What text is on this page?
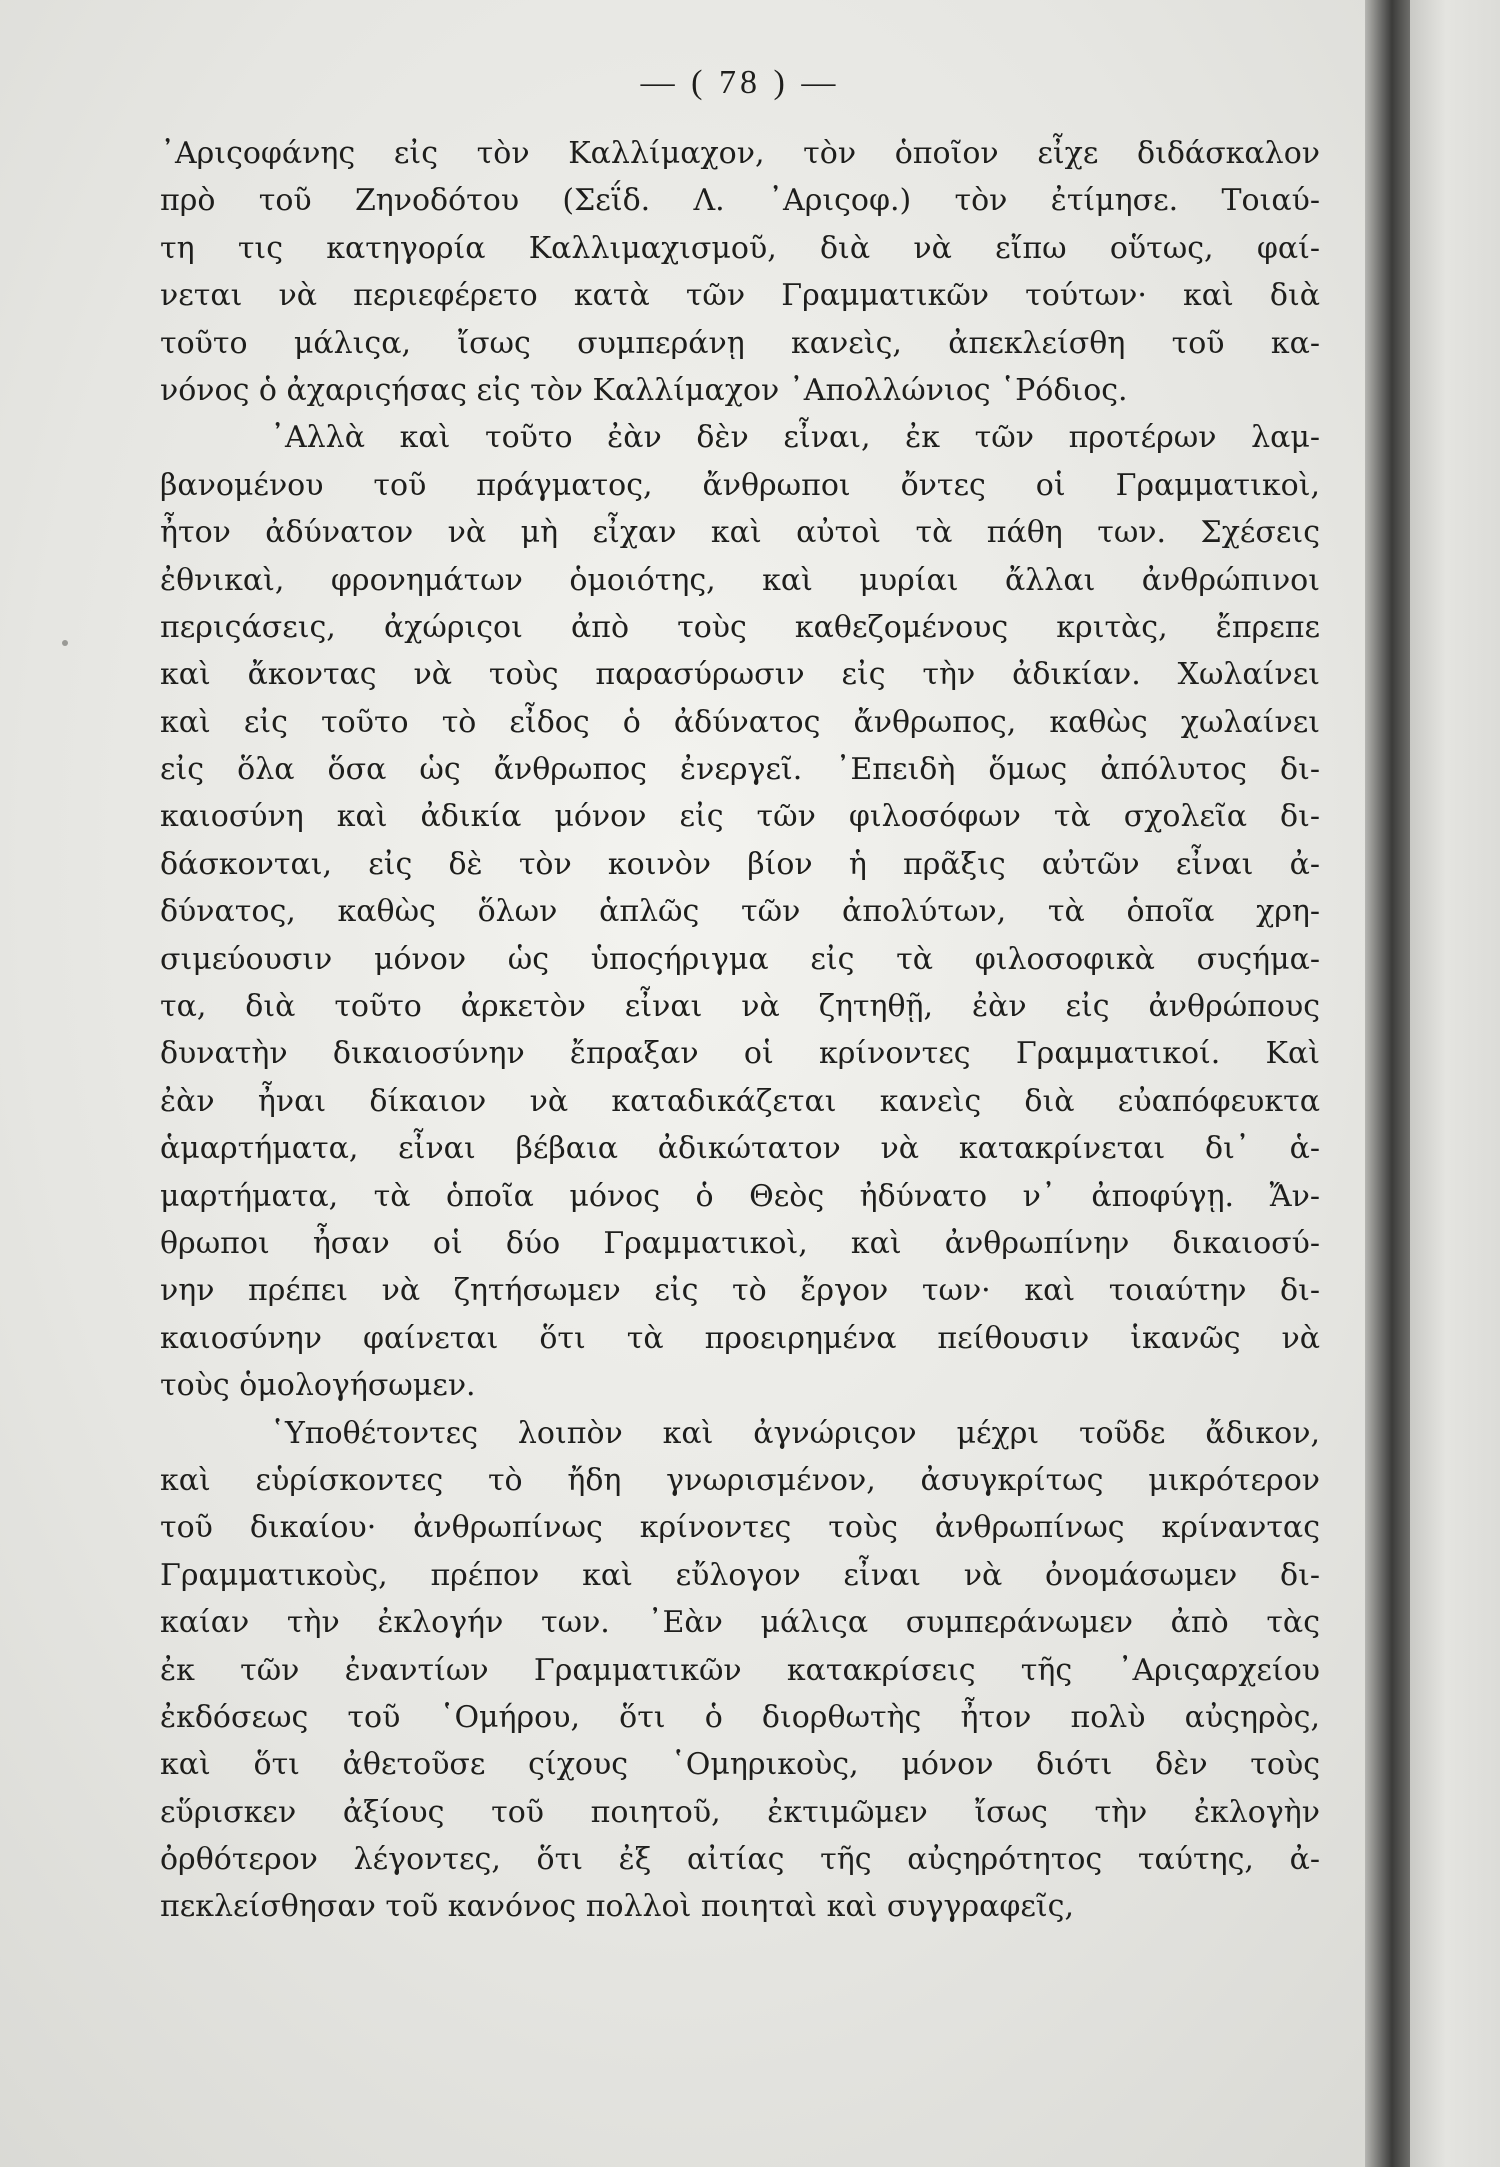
— ( 78 ) —
᾿Αριςοφάνης εἰς τὸν Καλλίμαχον, τὸν ὁποῖον εἶχε διδάσκαλον
πρὸ τοῦ Ζηνοδότου (Σεΐδ. Λ. ᾿Αριςοφ.) τὸν ἐτίμησε. Τοιαύ-
τη τις κατηγορία Καλλιμαχισμοῦ, διὰ νὰ εἴπω οὕτως, φαί-
νεται νὰ περιεφέρετο κατὰ τῶν Γραμματικῶν τούτων· καὶ διὰ
τοῦτο μάλιςα, ἴσως συμπεράνῃ κανεὶς, ἀπεκλείσθη τοῦ κα-
νόνος ὁ ἀχαριςήσας εἰς τὸν Καλλίμαχον ᾿Απολλώνιος ῾Ρόδιος.
᾿Αλλὰ καὶ τοῦτο ἐὰν δὲν εἶναι, ἐκ τῶν προτέρων λαμ-
βανομένου τοῦ πράγματος, ἄνθρωποι ὄντες οἱ Γραμματικοὶ,
ἦτον ἀδύνατον νὰ μὴ εἶχαν καὶ αὐτοὶ τὰ πάθη των. Σχέσεις
ἐθνικαὶ, φρονημάτων ὁμοιότης, καὶ μυρίαι ἄλλαι ἀνθρώπινοι
περιςάσεις, ἀχώριςοι ἀπὸ τοὺς καθεζομένους κριτὰς, ἔπρεπε
καὶ ἄκοντας νὰ τοὺς παρασύρωσιν εἰς τὴν ἀδικίαν. Χωλαίνει
καὶ εἰς τοῦτο τὸ εἶδος ὁ ἀδύνατος ἄνθρωπος, καθὼς χωλαίνει
εἰς ὅλα ὅσα ὡς ἄνθρωπος ἐνεργεῖ. ᾿Επειδὴ ὅμως ἀπόλυτος δι-
καιοσύνη καὶ ἀδικία μόνον εἰς τῶν φιλοσόφων τὰ σχολεῖα δι-
δάσκονται, εἰς δὲ τὸν κοινὸν βίον ἡ πρᾶξις αὐτῶν εἶναι ἀ-
δύνατος, καθὼς ὅλων ἁπλῶς τῶν ἀπολύτων, τὰ ὁποῖα χρη-
σιμεύουσιν μόνον ὡς ὑποςήριγμα εἰς τὰ φιλοσοφικὰ συςήμα-
τα, διὰ τοῦτο ἀρκετὸν εἶναι νὰ ζητηθῇ, ἐὰν εἰς ἀνθρώπους
δυνατὴν δικαιοσύνην ἔπραξαν οἱ κρίνοντες Γραμματικοί. Καὶ
ἐὰν ἦναι δίκαιον νὰ καταδικάζεται κανεὶς διὰ εὐαπόφευκτα
ἁμαρτήματα, εἶναι βέβαια ἀδικώτατον νὰ κατακρίνεται δι᾽ ἁ-
μαρτήματα, τὰ ὁποῖα μόνος ὁ Θεὸς ἠδύνατο ν᾽ ἀποφύγῃ. Ἄν-
θρωποι ἦσαν οἱ δύο Γραμματικοὶ, καὶ ἀνθρωπίνην δικαιοσύ-
νην πρέπει νὰ ζητήσωμεν εἰς τὸ ἔργον των· καὶ τοιαύτην δι-
καιοσύνην φαίνεται ὅτι τὰ προειρημένα πείθουσιν ἱκανῶς νὰ
τοὺς ὁμολογήσωμεν.
῾Υποθέτοντες λοιπὸν καὶ ἀγνώριςον μέχρι τοῦδε ἄδικον,
καὶ εὑρίσκοντες τὸ ἤδη γνωρισμένον, ἀσυγκρίτως μικρότερον
τοῦ δικαίου· ἀνθρωπίνως κρίνοντες τοὺς ἀνθρωπίνως κρίναντας
Γραμματικοὺς, πρέπον καὶ εὔλογον εἶναι νὰ ὀνομάσωμεν δι-
καίαν τὴν ἐκλογήν των. ᾿Εὰν μάλιςα συμπεράνωμεν ἀπὸ τὰς
ἐκ τῶν ἐναντίων Γραμματικῶν κατακρίσεις τῆς ᾿Αριςαρχείου
ἐκδόσεως τοῦ ῾Ομήρου, ὅτι ὁ διορθωτὴς ἦτον πολὺ αὐςηρὸς,
καὶ ὅτι ἀθετοῦσε ςίχους ῾Ομηρικοὺς, μόνον διότι δὲν τοὺς
εὕρισκεν ἀξίους τοῦ ποιητοῦ, ἐκτιμῶμεν ἴσως τὴν ἐκλογὴν
ὀρθότερον λέγοντες, ὅτι ἐξ αἰτίας τῆς αὐςηρότητος ταύτης, ἀ-
πεκλείσθησαν τοῦ κανόνος πολλοὶ ποιηταὶ καὶ συγγραφεῖς,
